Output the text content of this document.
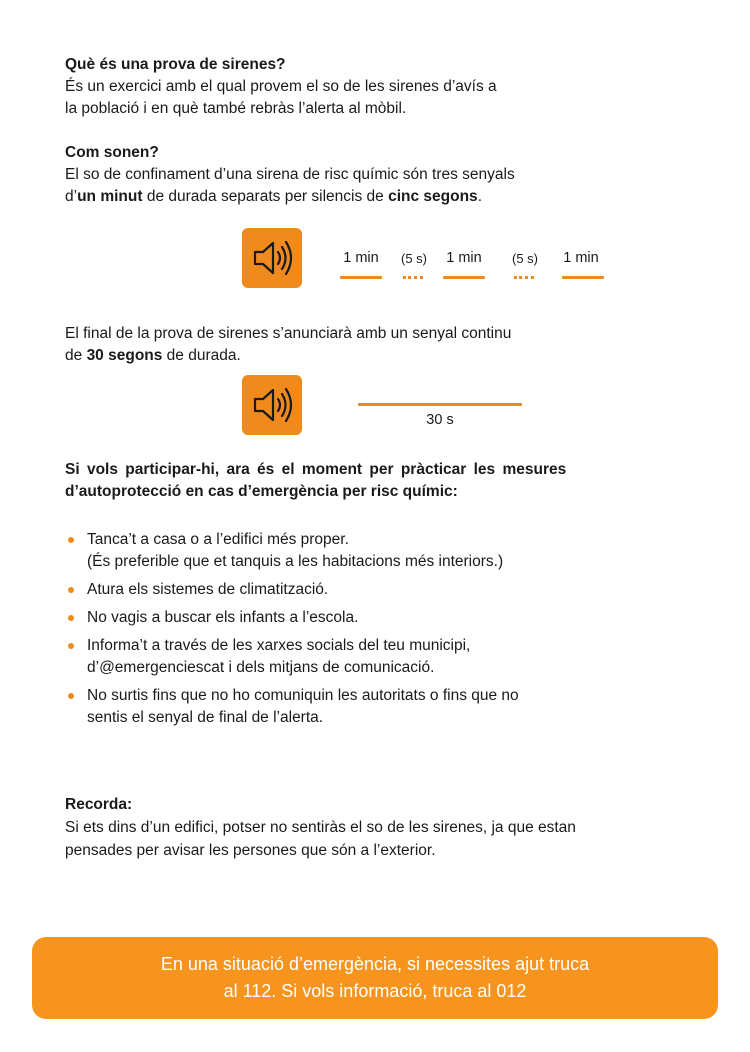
Què és una prova de sirenes?
És un exercici amb el qual provem el so de les sirenes d’avís a
la població i en què també rebràs l’alerta al mòbil.
Com sonen?
El so de confinament d’una sirena de risc químic són tres senyals
d’un minut de durada separats per silencis de cinc segons.
1 min	(5 s) 1 min	(5 s) 1 min
El final de la prova de sirenes s’anunciarà amb un senyal continu
de 30 segons de durada.
30 s
Si vols participar-hi, ara és el moment per pràcticar les mesures
d’autoprotecció en cas d’emergència per risc químic:
Tanca’t a casa o a l’edifici més proper.
(És preferible que et tanquis a les habitacions més interiors.)
Atura els sistemes de climatització.
No vagis a buscar els infants a l’escola.
Informa’t a través de les xarxes socials del teu municipi,
d’@emergenciescat i dels mitjans de comunicació.
No surtis fins que no ho comuniquin les autoritats o fins que no
sentis el senyal de final de l’alerta.
Recorda:
Si ets dins d’un edifici, potser no sentiràs el so de les sirenes, ja que estan
pensades per avisar les persones que són a l’exterior.
En una situació d’emergència, si necessites ajut truca
al 112. Si vols informació, truca al 012
